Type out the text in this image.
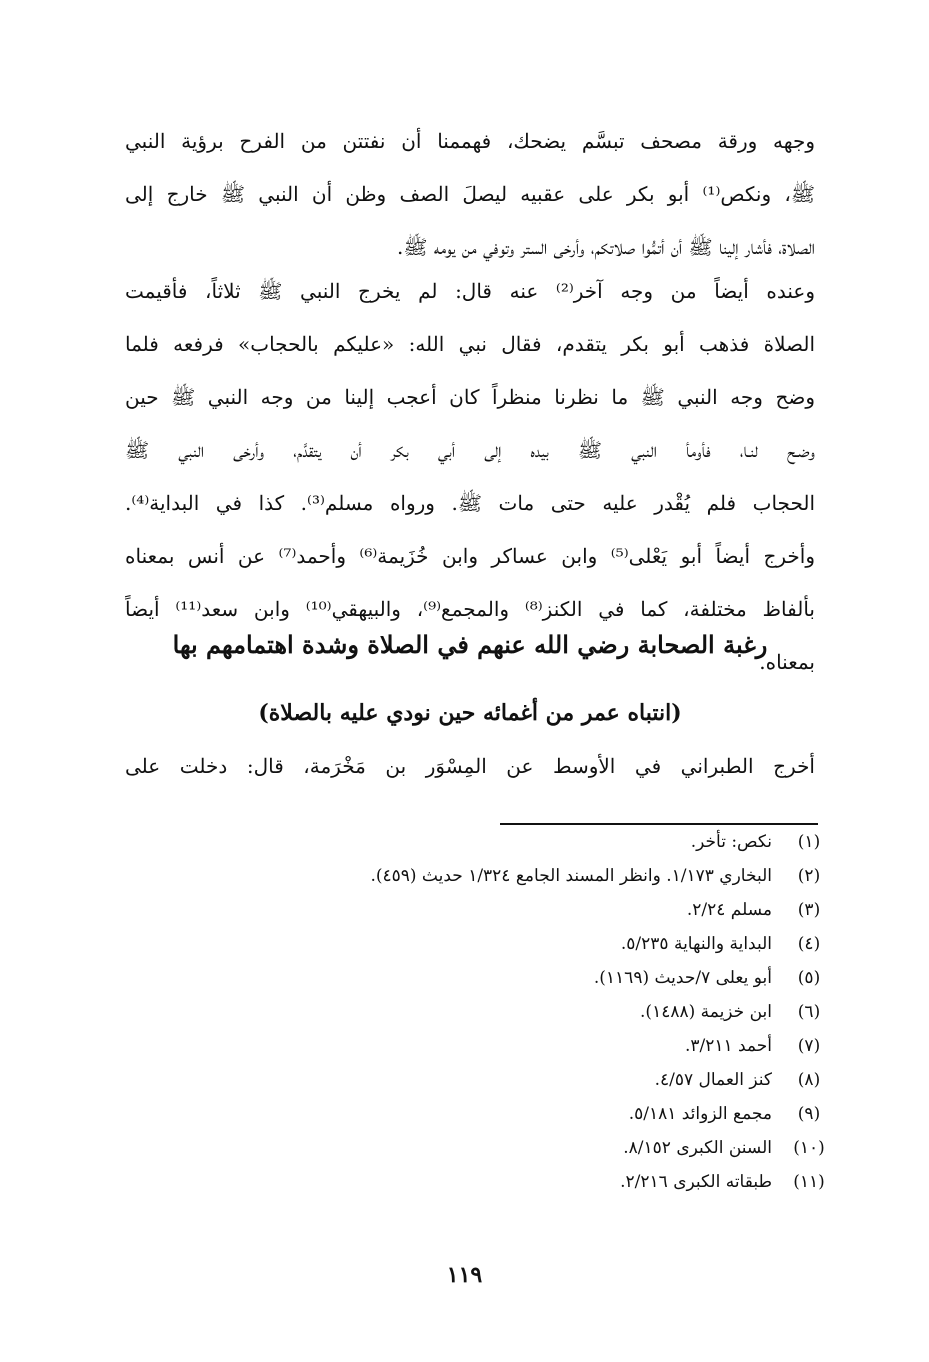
وجهه ورقة مصحف تبسَّم يضحك، فهممنا أن نفتتن من الفرح برؤية النبي
ﷺ، ونكص⁽¹⁾ أبو بكر على عقبيه ليصلَ الصف وظن أن النبي ﷺ خارج إلى
الصلاة، فأشار إلينا ﷺ أن أتمُّوا صلاتكم، وأرخى الستر وتوفي من يومه ﷺ.
وعنده أيضاً من وجه آخر⁽²⁾ عنه قال: لم يخرج النبي ﷺ ثلاثاً، فأقيمت
الصلاة فذهب أبو بكر يتقدم، فقال نبي الله: «عليكم بالحجاب» فرفعه فلما
وضح وجه النبي ﷺ ما نظرنا منظراً كان أعجب إلينا من وجه النبي ﷺ حين
وضـح لنـا، فأومأ النبي ﷺ بيده إلى أبي بكر أن يتقدَّم، وأرخى النبي ﷺ
الحجاب فلم يُقْدر عليه حتى مات ﷺ. ورواه مسلم⁽³⁾. كذا في البداية⁽⁴⁾.
وأخرج أيضاً أبو يَعْلى⁽⁵⁾ وابن عساكر وابن خُزَيمة⁽⁶⁾ وأحمد⁽⁷⁾ عن أنس بمعناه
بألفاظ مختلفة، كما في الكنز⁽⁸⁾ والمجمع⁽⁹⁾، والبيهقي⁽¹⁰⁾ وابن سعد⁽¹¹⁾ أيضاً
بمعناه.
رغبة الصحابة رضي الله عنهم في الصلاة وشدة اهتمامهم بها
(انتباه عمر من أغمائه حين نودي عليه بالصلاة)
أخرج الطبراني في الأوسط عن المِسْوَر بن مَخْرَمة، قال: دخلت على
(١)
نكص: تأخر.
(٢)
البخاري ١/١٧٣. وانظر المسند الجامع ١/٣٢٤ حديث (٤٥٩).
(٣)
مسلم ٢/٢٤.
(٤)
البداية والنهاية ٥/٢٣٥.
(٥)
أبو يعلى ٧/حديث (١١٦٩).
(٦)
ابن خزيمة (١٤٨٨).
(٧)
أحمد ٣/٢١١.
(٨)
كنز العمال ٤/٥٧.
(٩)
مجمع الزوائد ٥/١٨١.
(١٠)
السنن الكبرى ٨/١٥٢.
(١١)
طبقاته الكبرى ٢/٢١٦.
١١٩
